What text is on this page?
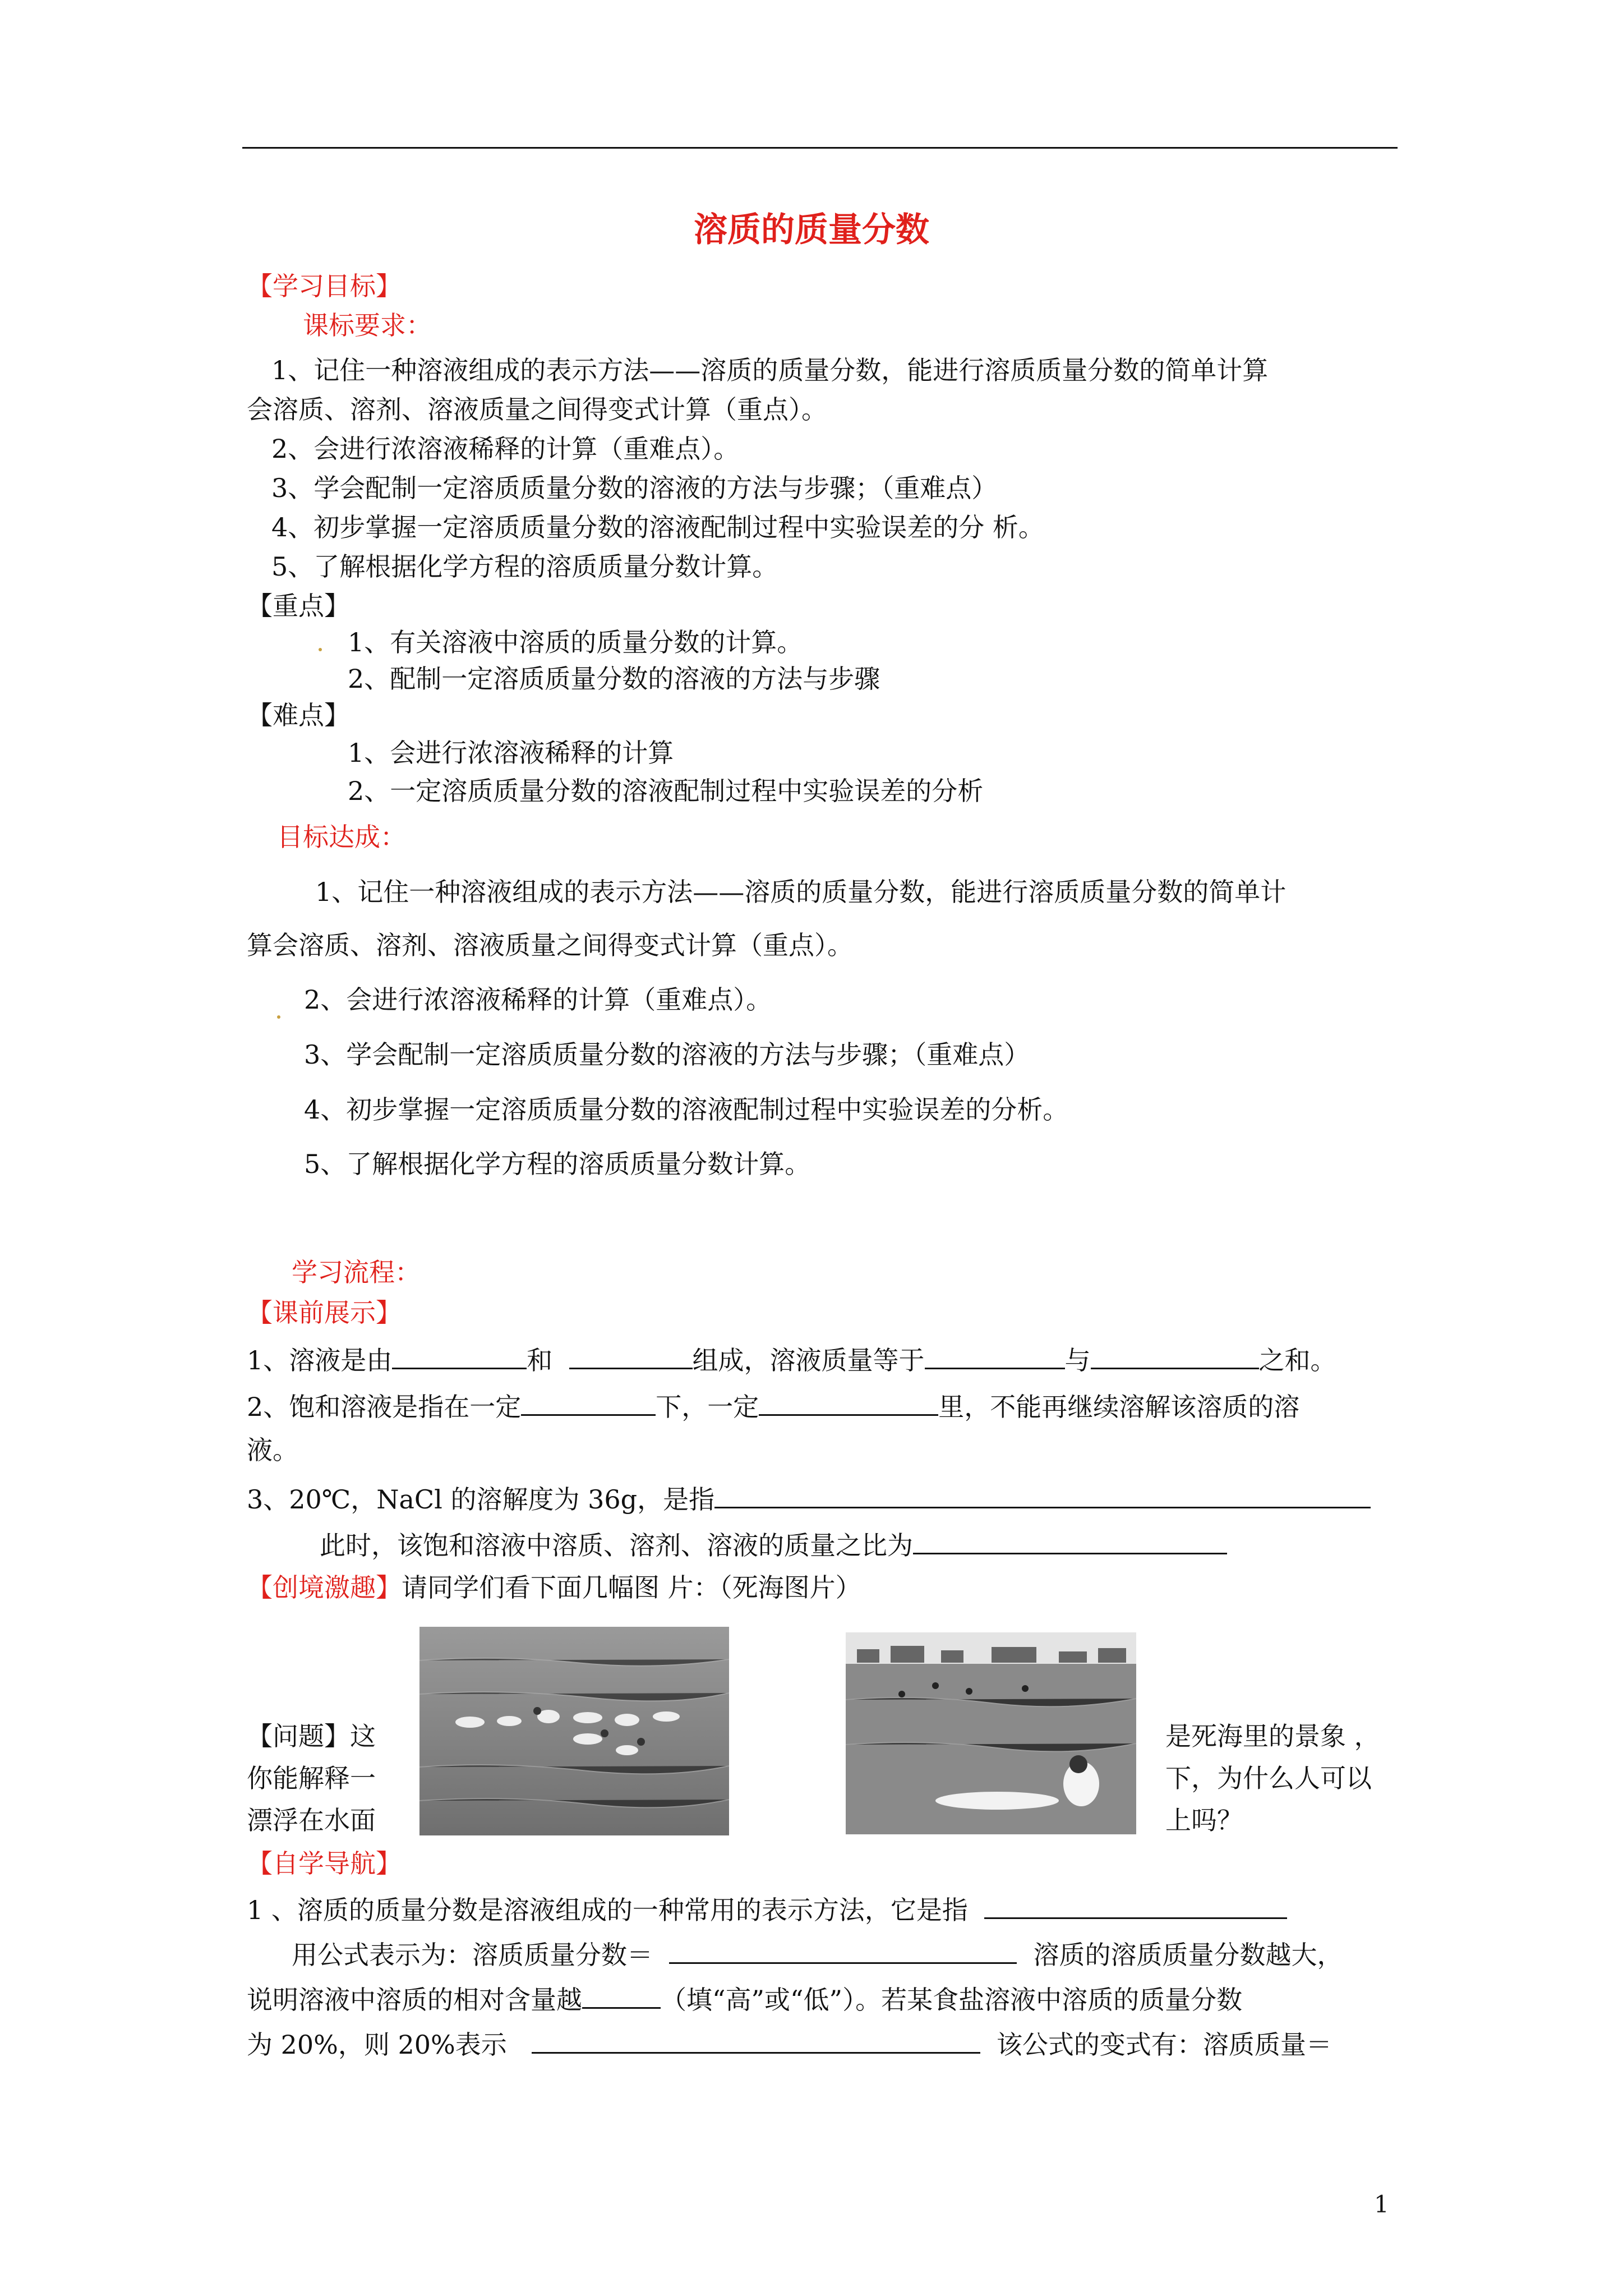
溶质的质量分数
【学习目标】
课标要求：
1、记住一种溶液组成的表示方法——溶质的质量分数，能进行溶质质量分数的简单计算
会溶质、溶剂、溶液质量之间得变式计算（重点）。
2、会进行浓溶液稀释的计算（重难点）。
3、学会配制一定溶质质量分数的溶液的方法与步骤；（重难点）
4、初步掌握一定溶质质量分数的溶液配制过程中实验误差的分 析。
5、了解根据化学方程的溶质质量分数计算。
【重点】
1、有关溶液中溶质的质量分数的计算。
2、配制一定溶质质量分数的溶液的方法与步骤
【难点】
1、会进行浓溶液稀释的计算
2、一定溶质质量分数的溶液配制过程中实验误差的分析
目标达成：
1、记住一种溶液组成的表示方法——溶质的质量分数，能进行溶质质量分数的简单计
算会溶质、溶剂、溶液质量之间得变式计算（重点）。
2、会进行浓溶液稀释的计算（重难点）。
3、学会配制一定溶质质量分数的溶液的方法与步骤；（重难点）
4、初步掌握一定溶质质量分数的溶液配制过程中实验误差的分析。
5、了解根据化学方程的溶质质量分数计算。
学习流程：
【课前展示】
1、溶液是由	和	组成，溶液质量等于	与	之和。
2、饱和溶液是指在一定	下，一定	里，不能再继续溶解该溶质的溶
液。
3、20℃，NaCl 的溶解度为 36g，是指
此时，该饱和溶液中溶质、溶剂、溶液的质量之比为
【创境激趣】请同学们看下面几幅图 片：（死海图片）
【问题】这
你能解释一
漂浮在水面
是死海里的景象 ，
下，为什么人可以
上吗？
【自学导航】
1 、溶质的质量分数是溶液组成的一种常用的表示方法，它是指
用公式表示为：溶质质量分数＝	溶质的溶质质量分数越大，
说明溶液中溶质的相对含量越	（填“高”或“低”）。若某食盐溶液中溶质的质量分数
为 20%，则 20%表示	该公式的变式有：溶质质量＝
1
